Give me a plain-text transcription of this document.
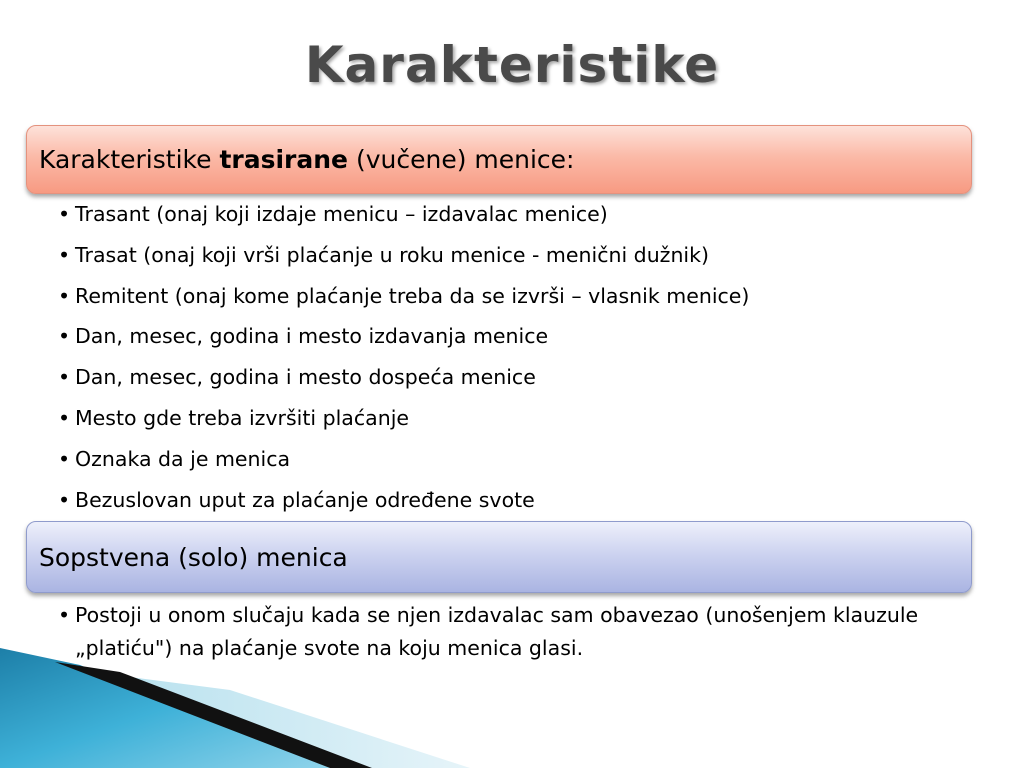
Karakteristike
Karakteristike trasirane (vučene) menice:
• Trasant (onaj koji izdaje menicu – izdavalac menice)
• Trasat (onaj koji vrši plaćanje u roku menice - menični dužnik)
• Remitent (onaj kome plaćanje treba da se izvrši – vlasnik menice)
• Dan, mesec, godina i mesto izdavanja menice
• Dan, mesec, godina i mesto dospeća menice
• Mesto gde treba izvršiti plaćanje
• Oznaka da je menica
• Bezuslovan uput za plaćanje određene svote
Sopstvena (solo) menica
• Postoji u onom slučaju kada se njen izdavalac sam obavezao (unošenjem klauzule „platiću") na plaćanje svote na koju menica glasi.
